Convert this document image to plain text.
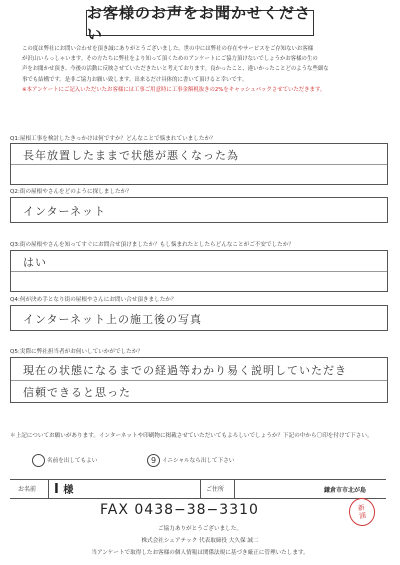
お客様のお声をお聞かせください
この度は弊社にお問い合わせを頂き誠にありがとうございました。世の中には弊社の存在やサービスをご存知ないお客様
が沢山いらっしゃいます。その方たちに弊社をより知って頂くためのアンケートにご協力頂けないでしょうかお客様の生の
声をお聞かせ頂き、今後の活動に反映させていただきたいと考えております。良かったこと、違いかったことどのような些細な
事でも結構です。是非ご協力お願い致します。出来るだけ具体的に書いて頂けると幸いです。
※本アンケートにご記入いただいたお客様には工事ご用意時に工事金額税抜きの2%をキャッシュバックさせていただきます。
Q1:屋根工事を検討したきっかけは何ですか？どんなことで悩まれていましたか？
長年放置したままで状態が悪くなった為
Q2:街の屋根やさんをどのように探しましたか？
インターネット
Q3:街の屋根やさんを知ってすぐにお問合せ頂けましたか？もし悩まれたとしたらどんなことがご不安でしたか？
はい
Q4:何が決め手となり街の屋根やさんにお問い合せ頂きましたか？
インターネット上の施工後の写真
Q5:実際に弊社担当者がお伺いしていかがでしたか？
現在の状態になるまでの経過等わかり易く説明していただき
信頼できると思った
＊上記についてお願いがあります。インターネットや印刷物に掲載させていただいてもよろしいでしょうか？下記の中から〇印を付けて下さい。
名前を出してもよい	9 イニシャルなら出して下さい
お名前 I 様	ご住所	鎌倉市市北が島
FAX 0438−38−3310	新
浦
ご協力ありがとうございました。
株式会社シェアテック 代表取締役 大久保 誠二
当アンケートで取得したお客様の個人情報は関係法規に基づき厳正に管理いたします。
